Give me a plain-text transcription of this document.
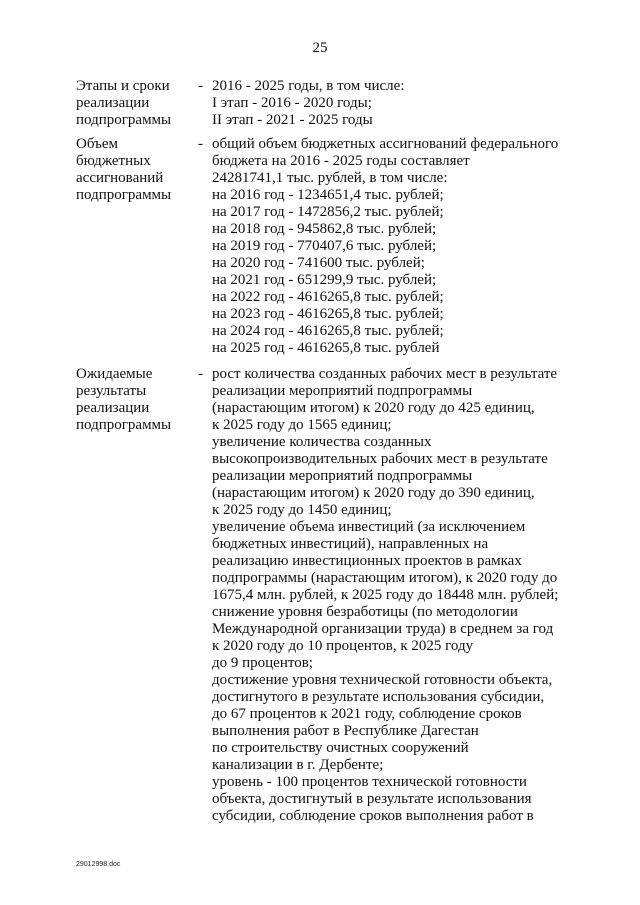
25
Этапы и сроки
реализации
подпрограммы
- 2016 - 2025 годы, в том числе:
I этап - 2016 - 2020 годы;
II этап - 2021 - 2025 годы
Объем
бюджетных
ассигнований
подпрограммы
- общий объем бюджетных ассигнований федерального
бюджета на 2016 - 2025 годы составляет
24281741,1 тыс. рублей, в том числе:
на 2016 год - 1234651,4 тыс. рублей;
на 2017 год - 1472856,2 тыс. рублей;
на 2018 год - 945862,8 тыс. рублей;
на 2019 год - 770407,6 тыс. рублей;
на 2020 год - 741600 тыс. рублей;
на 2021 год - 651299,9 тыс. рублей;
на 2022 год - 4616265,8 тыс. рублей;
на 2023 год - 4616265,8 тыс. рублей;
на 2024 год - 4616265,8 тыс. рублей;
на 2025 год - 4616265,8 тыс. рублей
Ожидаемые
результаты
реализации
подпрограммы
- рост количества созданных рабочих мест в результате
реализации мероприятий подпрограммы
(нарастающим итогом) к 2020 году до 425 единиц,
к 2025 году до 1565 единиц;
увеличение количества созданных
высокопроизводительных рабочих мест в результате
реализации мероприятий подпрограммы
(нарастающим итогом) к 2020 году до 390 единиц,
к 2025 году до 1450 единиц;
увеличение объема инвестиций (за исключением
бюджетных инвестиций), направленных на
реализацию инвестиционных проектов в рамках
подпрограммы (нарастающим итогом), к 2020 году до
1675,4 млн. рублей, к 2025 году до 18448 млн. рублей;
снижение уровня безработицы (по методологии
Международной организации труда) в среднем за год
к 2020 году до 10 процентов, к 2025 году
до 9 процентов;
достижение уровня технической готовности объекта,
достигнутого в результате использования субсидии,
до 67 процентов к 2021 году, соблюдение сроков
выполнения работ в Республике Дагестан
по строительству очистных сооружений
канализации в г. Дербенте;
уровень - 100 процентов технической готовности
объекта, достигнутый в результате использования
субсидии, соблюдение сроков выполнения работ в
29012998.doc
